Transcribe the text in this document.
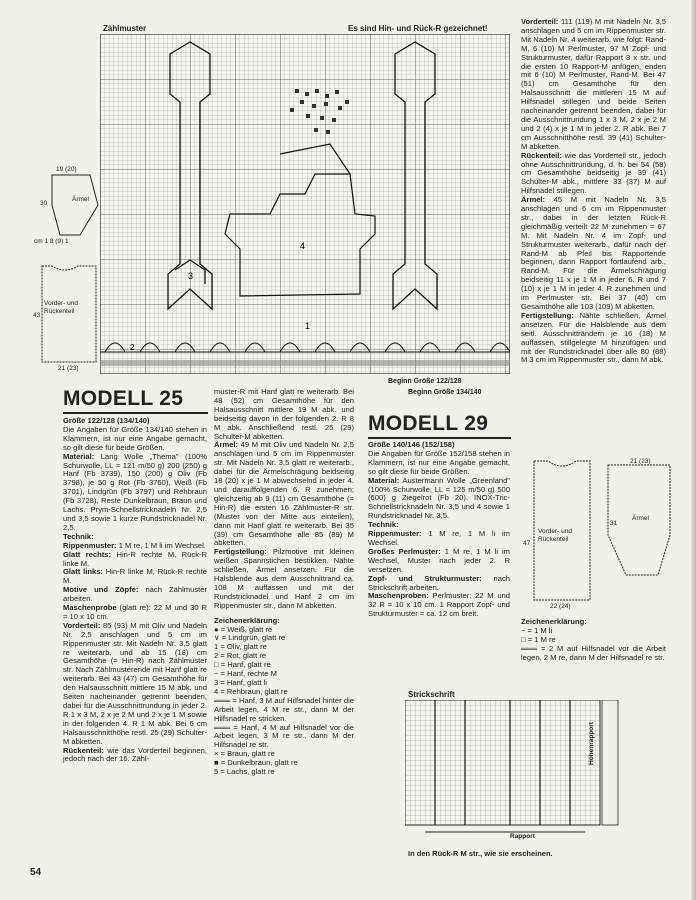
Zählmuster	Es sind Hin- und Rück-R gezeichnet!
1
2
3
4
Beginn Größe 122/128
Beginn Größe 134/140
Ärmel
19 (20)
30
cm 1 8 (9) 1
Vorder- und
Rückenteil
43
21 (23)
MODELL 25

Größe 122/128 (134/140)

Die Angaben für Größe 134/140 stehen in Klammern, ist nur eine Angabe gemacht, so gilt diese für beide Größen.

Material: Lang Wolle „Thema" (100% Schurwolle, LL = 121 m/50 g) 200 (250) g Hanf (Fb 3739), 150 (200) g Oliv (Fb 3798), je 50 g Rot (Fb 3760), Weiß (Fb 3701), Lindgrün (Fb 3797) und Rehbraun (Fb 3728), Reste Dunkelbraun, Braun und Lachs. Prym-Schnellstricknadeln Nr. 2,5 und 3,5 sowie 1 kurze Rundstricknadel Nr. 2,5.

Technik:

Rippenmuster: 1 M re, 1 M li im Wechsel.

Glatt rechts: Hin-R rechte M, Rück-R linke M.

Glatt links: Hin-R linke M, Rück-R rechte M.

Motive und Zöpfe: nach Zählmuster arbeiten.

Maschenprobe (glatt re): 22 M und 30 R = 10 x 10 cm.

Vorderteil: 85 (93) M mit Oliv und Nadeln Nr. 2,5 anschlagen und 5 cm im Rippenmuster str. Mit Nadeln Nr. 3,5 glatt re weiterarb. und ab 15 (18) cm Gesamthöhe (= Hin-R) nach Zählmuster str. Nach Zählmusterende mit Hanf glatt re weiterarb. Bei 43 (47) cm Gesamthöhe für den Halsausschnitt mittlere 15 M abk. und Seiten nacheinander getrennt beenden, dabei für die Ausschnittrundung in jeder 2. R 1 x 3 M, 2 x je 2 M und 2 x je 1 M sowie in der folgenden 4. R 1 M abk. Bei 6 cm Halsausschnitthöhe restl. 25 (29) Schulter-M abketten.

Rückenteil: wie das Vorderteil beginnen, jedoch nach der 16. Zähl-

muster-R mit Hanf glatt re weiterarb. Bei 48 (52) cm Gesamthöhe für den Halsausschnitt mittlere 19 M abk. und beidseitig davon in der folgenden 2. R 8 M abk. Anschließend restl. 25 (29) Schulter-M abketten.

Ärmel: 49 M mit Oliv und Nadeln Nr. 2,5 anschlagen und 5 cm im Rippenmuster str. Mit Nadeln Nr. 3,5 glatt re weiterarb., dabei für die Ärmelschrägung beidseitig 18 (20) x je 1 M abwechselnd in jeder 4. und darauffolgenden 6. R zunehmen; gleichzeitig ab 9 (11) cm Gesamthöhe (= Hin-R) die ersten 16 Zählmuster-R str. (Muster von der Mitte aus einteilen), dann mit Hanf glatt re weiterarb. Bei 35 (39) cm Gesamthöhe alle 85 (89) M abketten.

Fertigstellung: Pilzmotive mit kleinen weißen Spannstichen bestikken. Nähte schließen, Ärmel ansetzen. Für die Halsblende aus dem Ausschnittrand ca. 108 M auffassen und mit der Rundstricknadel und Hanf 2 cm im Rippenmuster str., dann M abketten.

Zeichenerklärung:

● = Weiß, glatt re
∨ = Lindgrün, glatt re
1 = Oliv, glatt re
2 = Rot, glatt re
□ = Hanf, glatt re
− = Hanf, rechte M
3 = Hanf, glatt li
4 = Rehbraun, glatt re
═══ = Hanf, 3 M auf Hilfsnadel hinter die Arbeit legen, 4 M re str., dann M der Hilfsnadel re stricken.
═══ = Hanf, 4 M auf Hilfsnadel vor die Arbeit legen, 3 M re str., dann M der Hilfsnadel re str.
× = Braun, glatt re
■ = Dunkelbraun, glatt re
5 = Lachs, glatt re
MODELL 29

Größe 140/146 (152/158)

Die Angaben für Größe 152/158 stehen in Klammern, ist nur eine Angabe gemacht, so gilt diese für beide Größen.

Material: Austermann Wolle „Greenland" (100% Schurwolle, LL = 125 m/50 g) 500 (600) g Ziegelrot (Fb 20). INOX-Tric-Schnellstricknadeln Nr. 3,5 und 4 sowie 1 Rundstricknadel Nr. 3,5.

Technik:

Rippenmuster: 1 M re, 1 M li im Wechsel.

Großes Perlmuster: 1 M re, 1 M li im Wechsel, Muster nach jeder 2. R versetzen.

Zopf- und Strukturmuster: nach Strickschrift arbeiten.

Maschenproben: Perlmuster: 22 M und 32 R = 10 x 10 cm. 1 Rapport Zopf- und Strukturmuster = ca. 12 cm breit.

Vorderteil: 111 (119) M mit Nadeln Nr. 3,5 anschlagen und 5 cm im Rippenmuster str. Mit Nadeln Nr. 4 weiterarb. wie folgt: Rand-M, 6 (10) M Perlmuster, 97 M Zopf- und Strukturmuster, dafür Rapport 3 x str. und die ersten 10 Rapport-M anfügen, enden mit 6 (10) M Perlmuster, Rand-M. Bei 47 (51) cm Gesamthöhe für den Halsausschnitt die mittleren 15 M auf Hilfsnadel stillegen und beide Seiten nacheinander getrennt beenden, dabei für die Ausschnittrundung 1 x 3 M, 2 x je 2 M und 2 (4) x je 1 M in jeder 2. R abk. Bei 7 cm Ausschnitthöhe restl. 39 (41) Schulter-M abketten.

Rückenteil: wie das Vorderteil str., jedoch ohne Ausschnittrundung, d. h. bei 54 (58) cm Gesamthöhe beidseitig je 39 (41) Schulter-M abk., mittlere 33 (37) M auf Hilfsnadel stillegen.

Ärmel: 45 M mit Nadeln Nr. 3,5 anschlagen und 6 cm im Rippenmuster str., dabei in der letzten Rück-R gleichmäßig verteilt 22 M zunehmen = 67 M. Mit Nadeln Nr. 4 im Zopf- und Strukturmuster weiterarb., dafür nach der Rand-M ab Pfeil bis Rapportende beginnen, dann Rapport fortlaufend arb., Rand-M. Für die Ärmelschrägung beidseitig 11 x je 1 M in jeder 6. R und 7 (10) x je 1 M in jeder 4. R zunehmen und im Perlmuster str. Bei 37 (40) cm Gesamthöhe alle 103 (109) M abketten.

Fertigstellung: Nähte schließen, Ärmel ansetzen. Für die Halsblende aus dem seitl. Ausschnitträndern je 16 (18) M auffassen, stillgelegte M hinzufügen und mit der Rundstricknadel über alle 80 (88) M 3 cm im Rippenmuster str., dann M abk.

Vorder- und
Rückenteil
47
22 (24)
Ärmel
21 (23)
31

Zeichenerklärung:

− = 1 M li

□ = 1 M re

═══ = 2 M auf Hilfsnadel vor die Arbeit legen, 2 M re, dann M der Hilfsnadel re str.

Strickschrift
Höhenrapport
Rapport
In den Rück-R M str., wie sie erscheinen.
54
